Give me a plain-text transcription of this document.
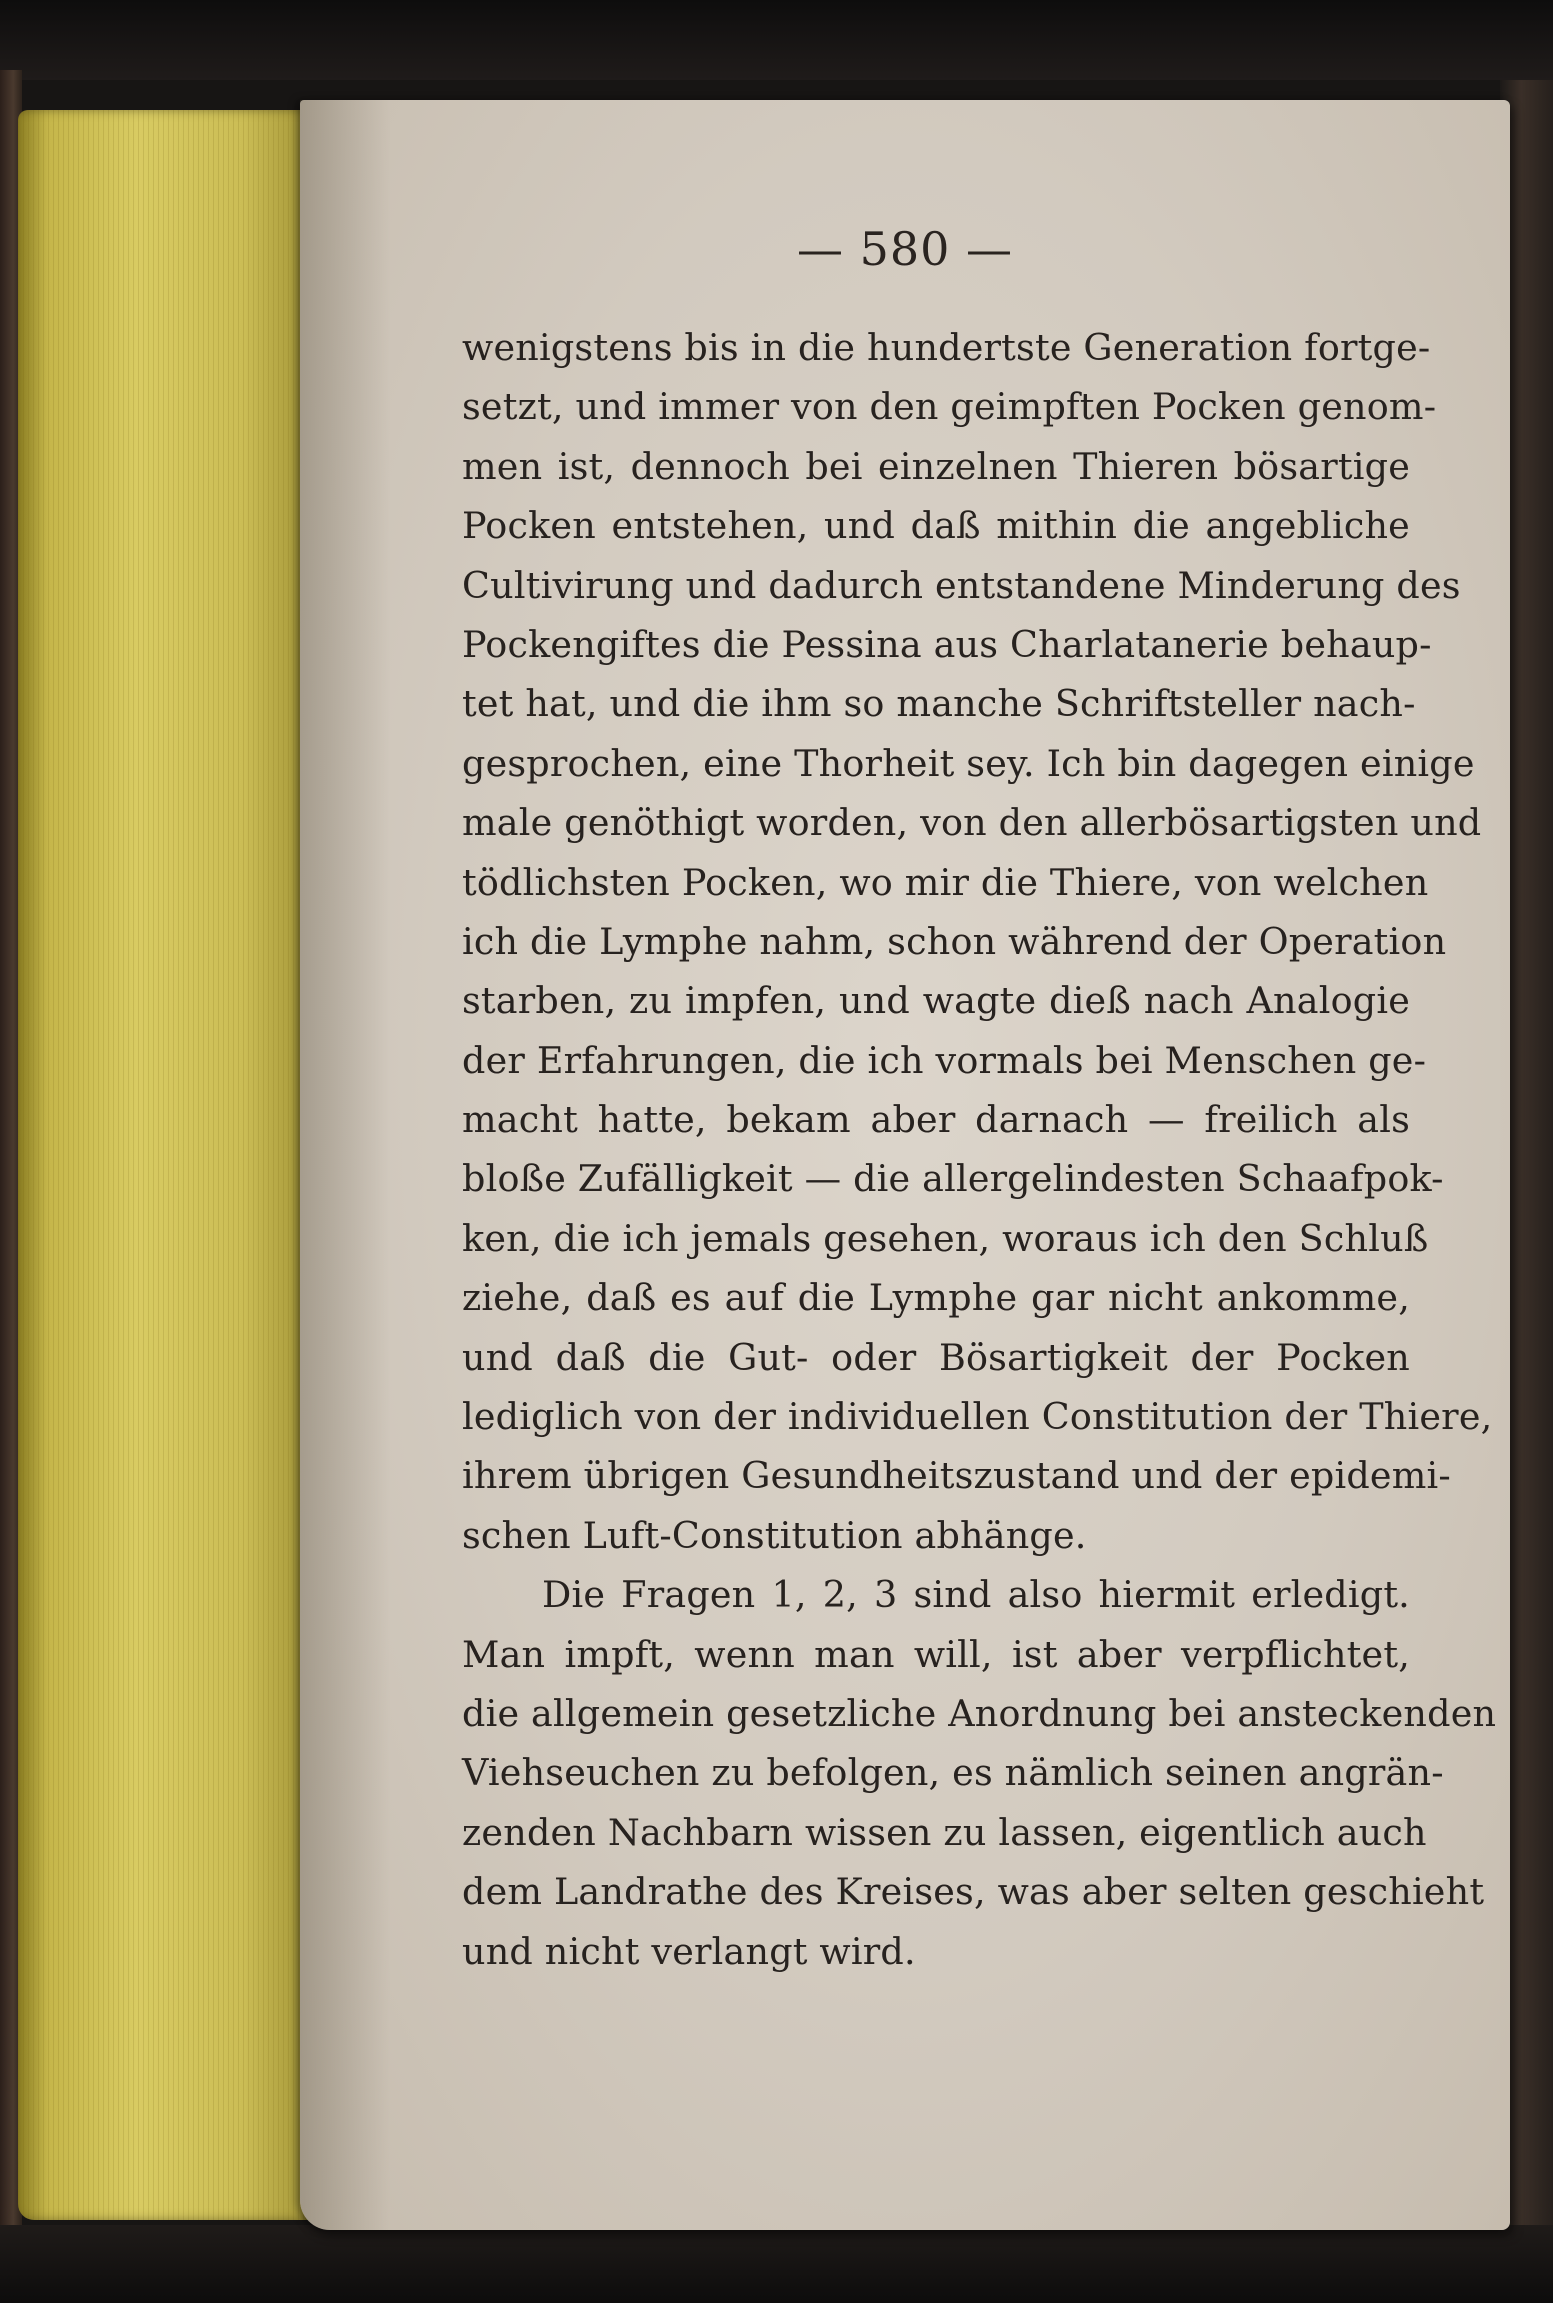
— 580 —
wenigstens bis in die hundertste Generation fortge-
setzt, und immer von den geimpften Pocken genom-
men ist, dennoch bei einzelnen Thieren bösartige
Pocken entstehen, und daß mithin die angebliche
Cultivirung und dadurch entstandene Minderung des
Pockengiftes die Pessina aus Charlatanerie behaup-
tet hat, und die ihm so manche Schriftsteller nach-
gesprochen, eine Thorheit sey. Ich bin dagegen einige
male genöthigt worden, von den allerbösartigsten und
tödlichsten Pocken, wo mir die Thiere, von welchen
ich die Lymphe nahm, schon während der Operation
starben, zu impfen, und wagte dieß nach Analogie
der Erfahrungen, die ich vormals bei Menschen ge-
macht hatte, bekam aber darnach — freilich als
bloße Zufälligkeit — die allergelindesten Schaafpok-
ken, die ich jemals gesehen, woraus ich den Schluß
ziehe, daß es auf die Lymphe gar nicht ankomme,
und daß die Gut- oder Bösartigkeit der Pocken
lediglich von der individuellen Constitution der Thiere,
ihrem übrigen Gesundheitszustand und der epidemi-
schen Luft-Constitution abhänge.
Die Fragen 1, 2, 3 sind also hiermit erledigt.
Man impft, wenn man will, ist aber verpflichtet,
die allgemein gesetzliche Anordnung bei ansteckenden
Viehseuchen zu befolgen, es nämlich seinen angrän-
zenden Nachbarn wissen zu lassen, eigentlich auch
dem Landrathe des Kreises, was aber selten geschieht
und nicht verlangt wird.
